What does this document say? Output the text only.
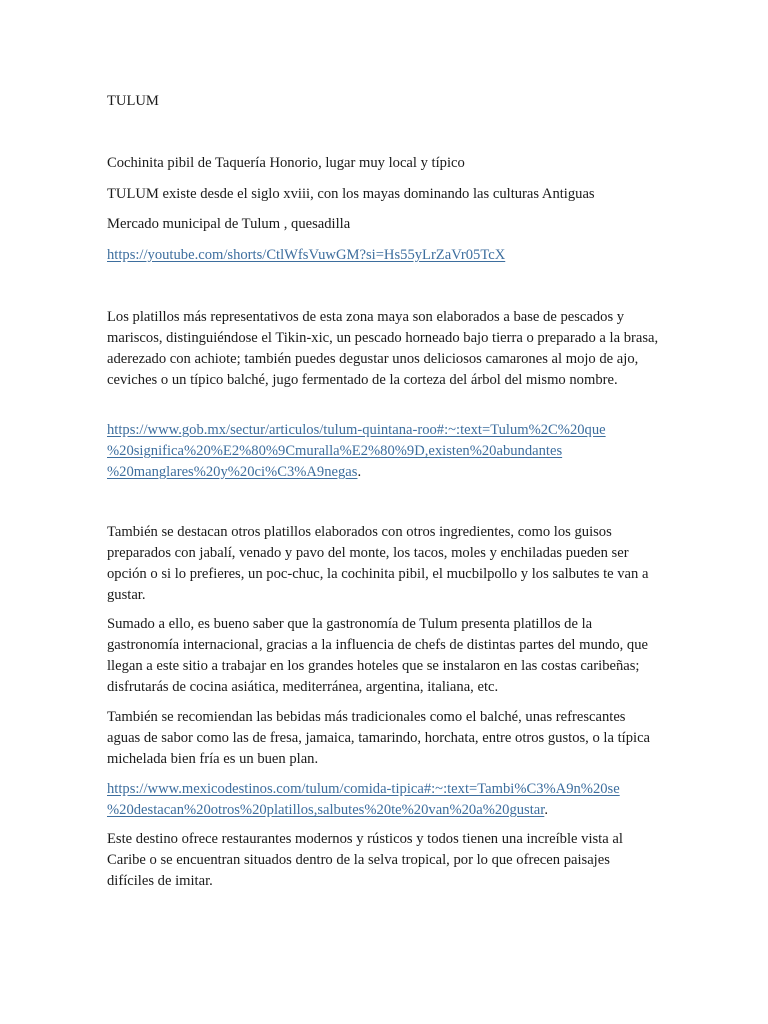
TULUM

Cochinita pibil de Taquería Honorio, lugar muy local y típico

TULUM existe desde el siglo xviii, con los mayas dominando las culturas Antiguas

Mercado municipal de Tulum , quesadilla

https://youtube.com/shorts/CtlWfsVuwGM?si=Hs55yLrZaVr05TcX

Los platillos más representativos de esta zona maya son elaborados a base de pescados y mariscos, distinguiéndose el Tikin-xic, un pescado horneado bajo tierra o preparado a la brasa, aderezado con achiote; también puedes degustar unos deliciosos camarones al mojo de ajo, ceviches o un típico balché, jugo fermentado de la corteza del árbol del mismo nombre.

https://www.gob.mx/sectur/articulos/tulum-quintana-roo#:~:text=Tulum%2C%20que
%20significa%20%E2%80%9Cmuralla%E2%80%9D,existen%20abundantes
%20manglares%20y%20ci%C3%A9negas.

También se destacan otros platillos elaborados con otros ingredientes, como los guisos preparados con jabalí, venado y pavo del monte, los tacos, moles y enchiladas pueden ser opción o si lo prefieres, un poc-chuc, la cochinita pibil, el mucbilpollo y los salbutes te van a gustar.

Sumado a ello, es bueno saber que la gastronomía de Tulum presenta platillos de la gastronomía internacional, gracias a la influencia de chefs de distintas partes del mundo, que llegan a este sitio a trabajar en los grandes hoteles que se instalaron en las costas caribeñas; disfrutarás de cocina asiática, mediterránea, argentina, italiana, etc.

También se recomiendan las bebidas más tradicionales como el balché, unas refrescantes aguas de sabor como las de fresa, jamaica, tamarindo, horchata, entre otros gustos, o la típica michelada bien fría es un buen plan.

https://www.mexicodestinos.com/tulum/comida-tipica#:~:text=Tambi%C3%A9n%20se
%20destacan%20otros%20platillos,salbutes%20te%20van%20a%20gustar.

Este destino ofrece restaurantes modernos y rústicos y todos tienen una increíble vista al Caribe o se encuentran situados dentro de la selva tropical, por lo que ofrecen paisajes difíciles de imitar.
